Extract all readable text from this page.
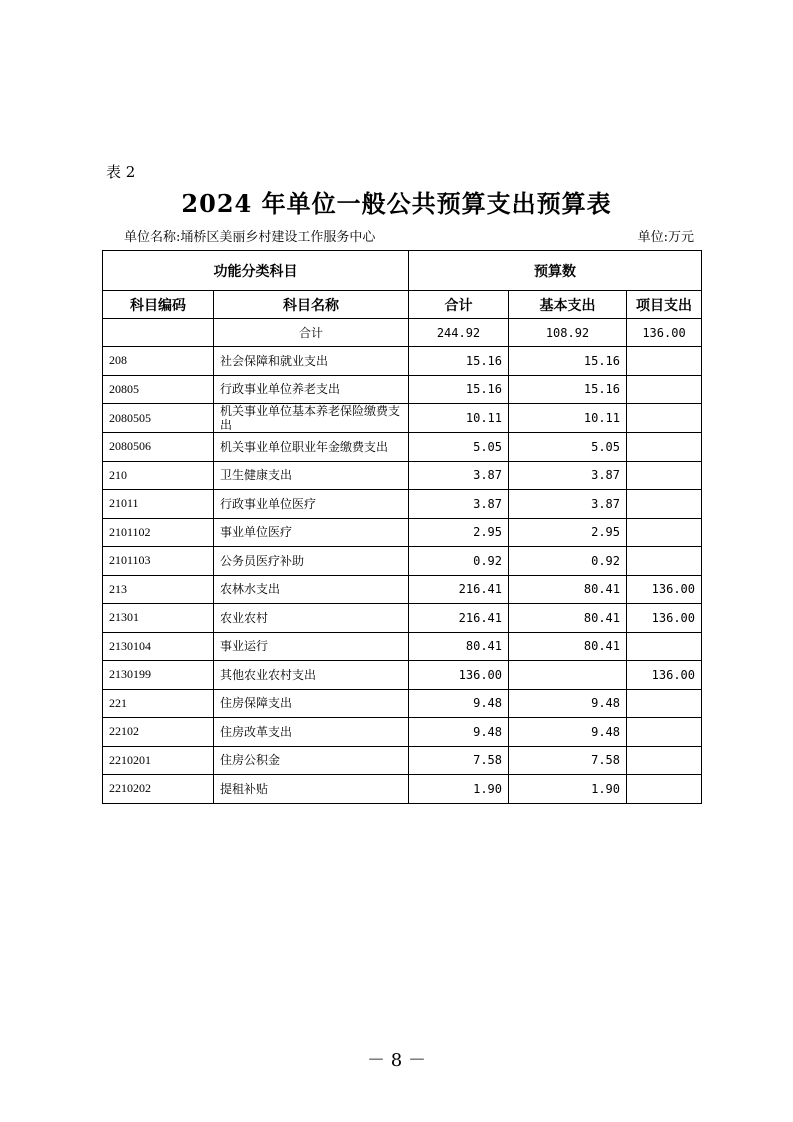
表 2
2024 年单位一般公共预算支出预算表
单位名称:埇桥区美丽乡村建设工作服务中心	单位:万元
功能分类科目		预算数		
科目编码	科目名称	合计	基本支出	项目支出
	合计	244.92	108.92	136.00
208	社会保障和就业支出	15.16	15.16	
20805	行政事业单位养老支出	15.16	15.16	
2080505	机关事业单位基本养老保险缴费支出	10.11	10.11	
2080506	机关事业单位职业年金缴费支出	5.05	5.05	
210	卫生健康支出	3.87	3.87	
21011	行政事业单位医疗	3.87	3.87	
2101102	事业单位医疗	2.95	2.95	
2101103	公务员医疗补助	0.92	0.92	
213	农林水支出	216.41	80.41	136.00
21301	农业农村	216.41	80.41	136.00
2130104	事业运行	80.41	80.41	
2130199	其他农业农村支出	136.00		136.00
221	住房保障支出	9.48	9.48	
22102	住房改革支出	9.48	9.48	
2210201	住房公积金	7.58	7.58	
2210202	提租补贴	1.90	1.90	
－ 8 －
